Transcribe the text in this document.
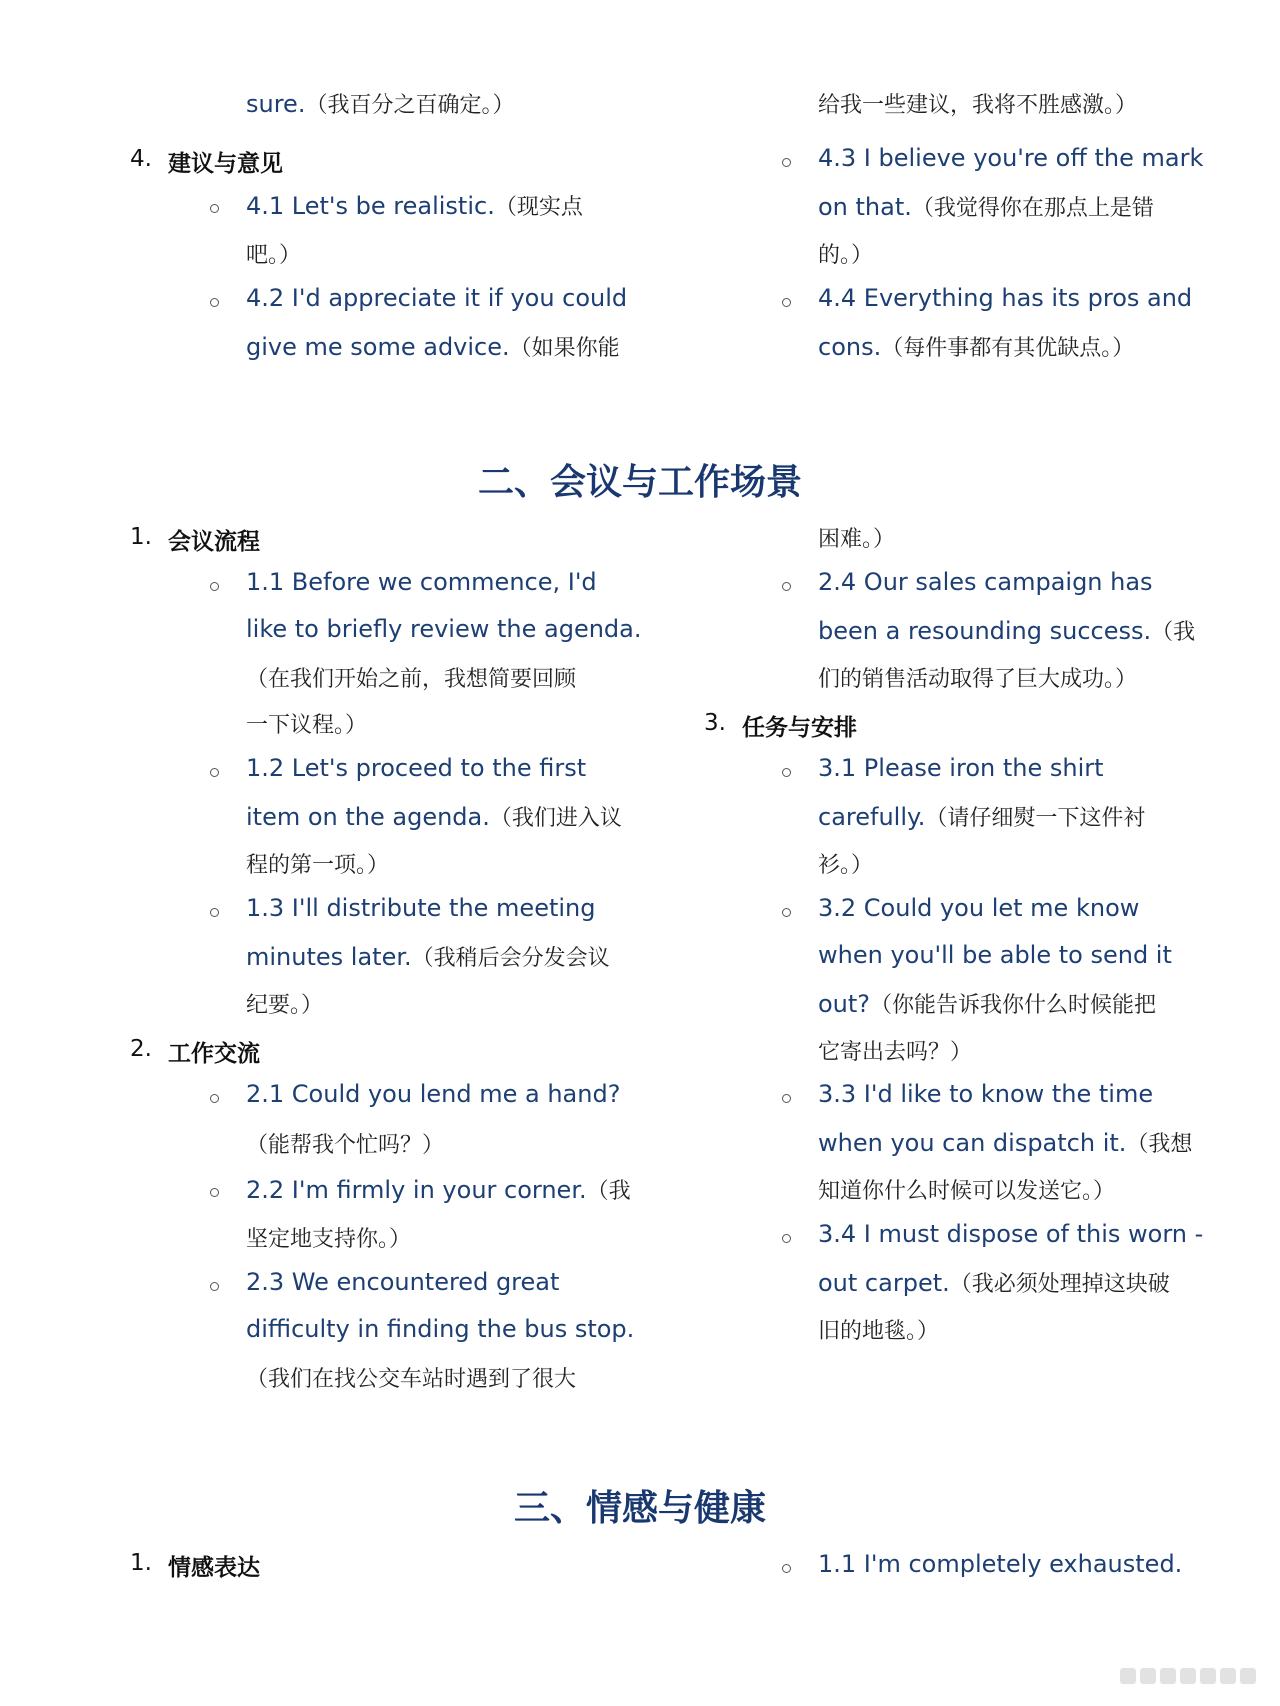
sure.（我百分之百确定。）	给我一些建议，我将不胜感激。）
4. 建议与意见
4.1 Let's be realistic.（现实点
吧。）
4.2 I'd appreciate it if you could
give me some advice.（如果你能
4.3 I believe you're off the mark
on that.（我觉得你在那点上是错
的。）
4.4 Everything has its pros and
cons.（每件事都有其优缺点。）
二、会议与工作场景
1. 会议流程
1.1 Before we commence, I'd
like to briefly review the agenda.
（在我们开始之前，我想简要回顾
一下议程。）
1.2 Let's proceed to the first
item on the agenda.（我们进入议
程的第一项。）
1.3 I'll distribute the meeting
minutes later.（我稍后会分发会议
纪要。）
2. 工作交流
2.1 Could you lend me a hand?
（能帮我个忙吗？）
2.2 I'm firmly in your corner.（我
坚定地支持你。）
2.3 We encountered great
difficulty in finding the bus stop.
（我们在找公交车站时遇到了很大
困难。）
2.4 Our sales campaign has
been a resounding success.（我
们的销售活动取得了巨大成功。）
3. 任务与安排
3.1 Please iron the shirt
carefully.（请仔细熨一下这件衬
衫。）
3.2 Could you let me know
when you'll be able to send it
out?（你能告诉我你什么时候能把
它寄出去吗？）
3.3 I'd like to know the time
when you can dispatch it.（我想
知道你什么时候可以发送它。）
3.4 I must dispose of this worn -
out carpet.（我必须处理掉这块破
旧的地毯。）
三、情感与健康
1. 情感表达	1.1 I'm completely exhausted.
